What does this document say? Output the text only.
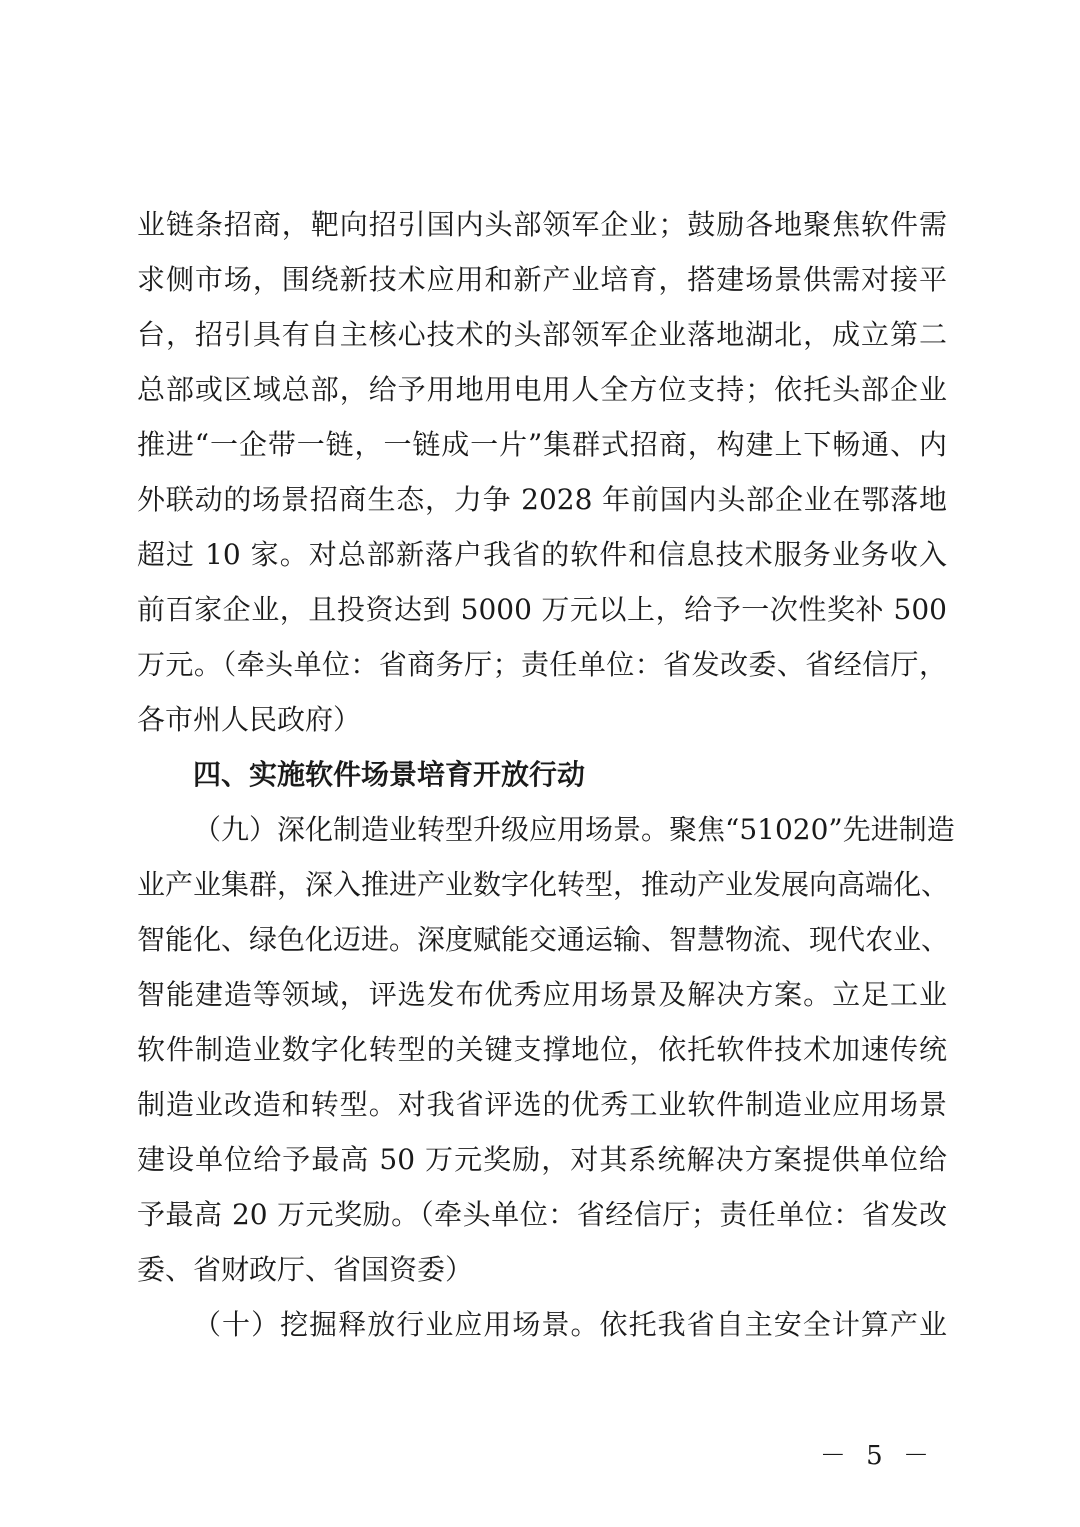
业链条招商，靶向招引国内头部领军企业；鼓励各地聚焦软件需
求侧市场，围绕新技术应用和新产业培育，搭建场景供需对接平
台，招引具有自主核心技术的头部领军企业落地湖北，成立第二
总部或区域总部，给予用地用电用人全方位支持；依托头部企业
推进“一企带一链，一链成一片”集群式招商，构建上下畅通、内
外联动的场景招商生态，力争 2028 年前国内头部企业在鄂落地
超过 10 家。对总部新落户我省的软件和信息技术服务业务收入
前百家企业，且投资达到 5000 万元以上，给予一次性奖补 500
万元。（牵头单位：省商务厅；责任单位：省发改委、省经信厅，
各市州人民政府）
四、实施软件场景培育开放行动
（九）深化制造业转型升级应用场景。聚焦“51020”先进制造
业产业集群，深入推进产业数字化转型，推动产业发展向高端化、
智能化、绿色化迈进。深度赋能交通运输、智慧物流、现代农业、
智能建造等领域，评选发布优秀应用场景及解决方案。立足工业
软件制造业数字化转型的关键支撑地位，依托软件技术加速传统
制造业改造和转型。对我省评选的优秀工业软件制造业应用场景
建设单位给予最高 50 万元奖励，对其系统解决方案提供单位给
予最高 20 万元奖励。（牵头单位：省经信厅；责任单位：省发改
委、省财政厅、省国资委）
（十）挖掘释放行业应用场景。依托我省自主安全计算产业
－ 5 －
